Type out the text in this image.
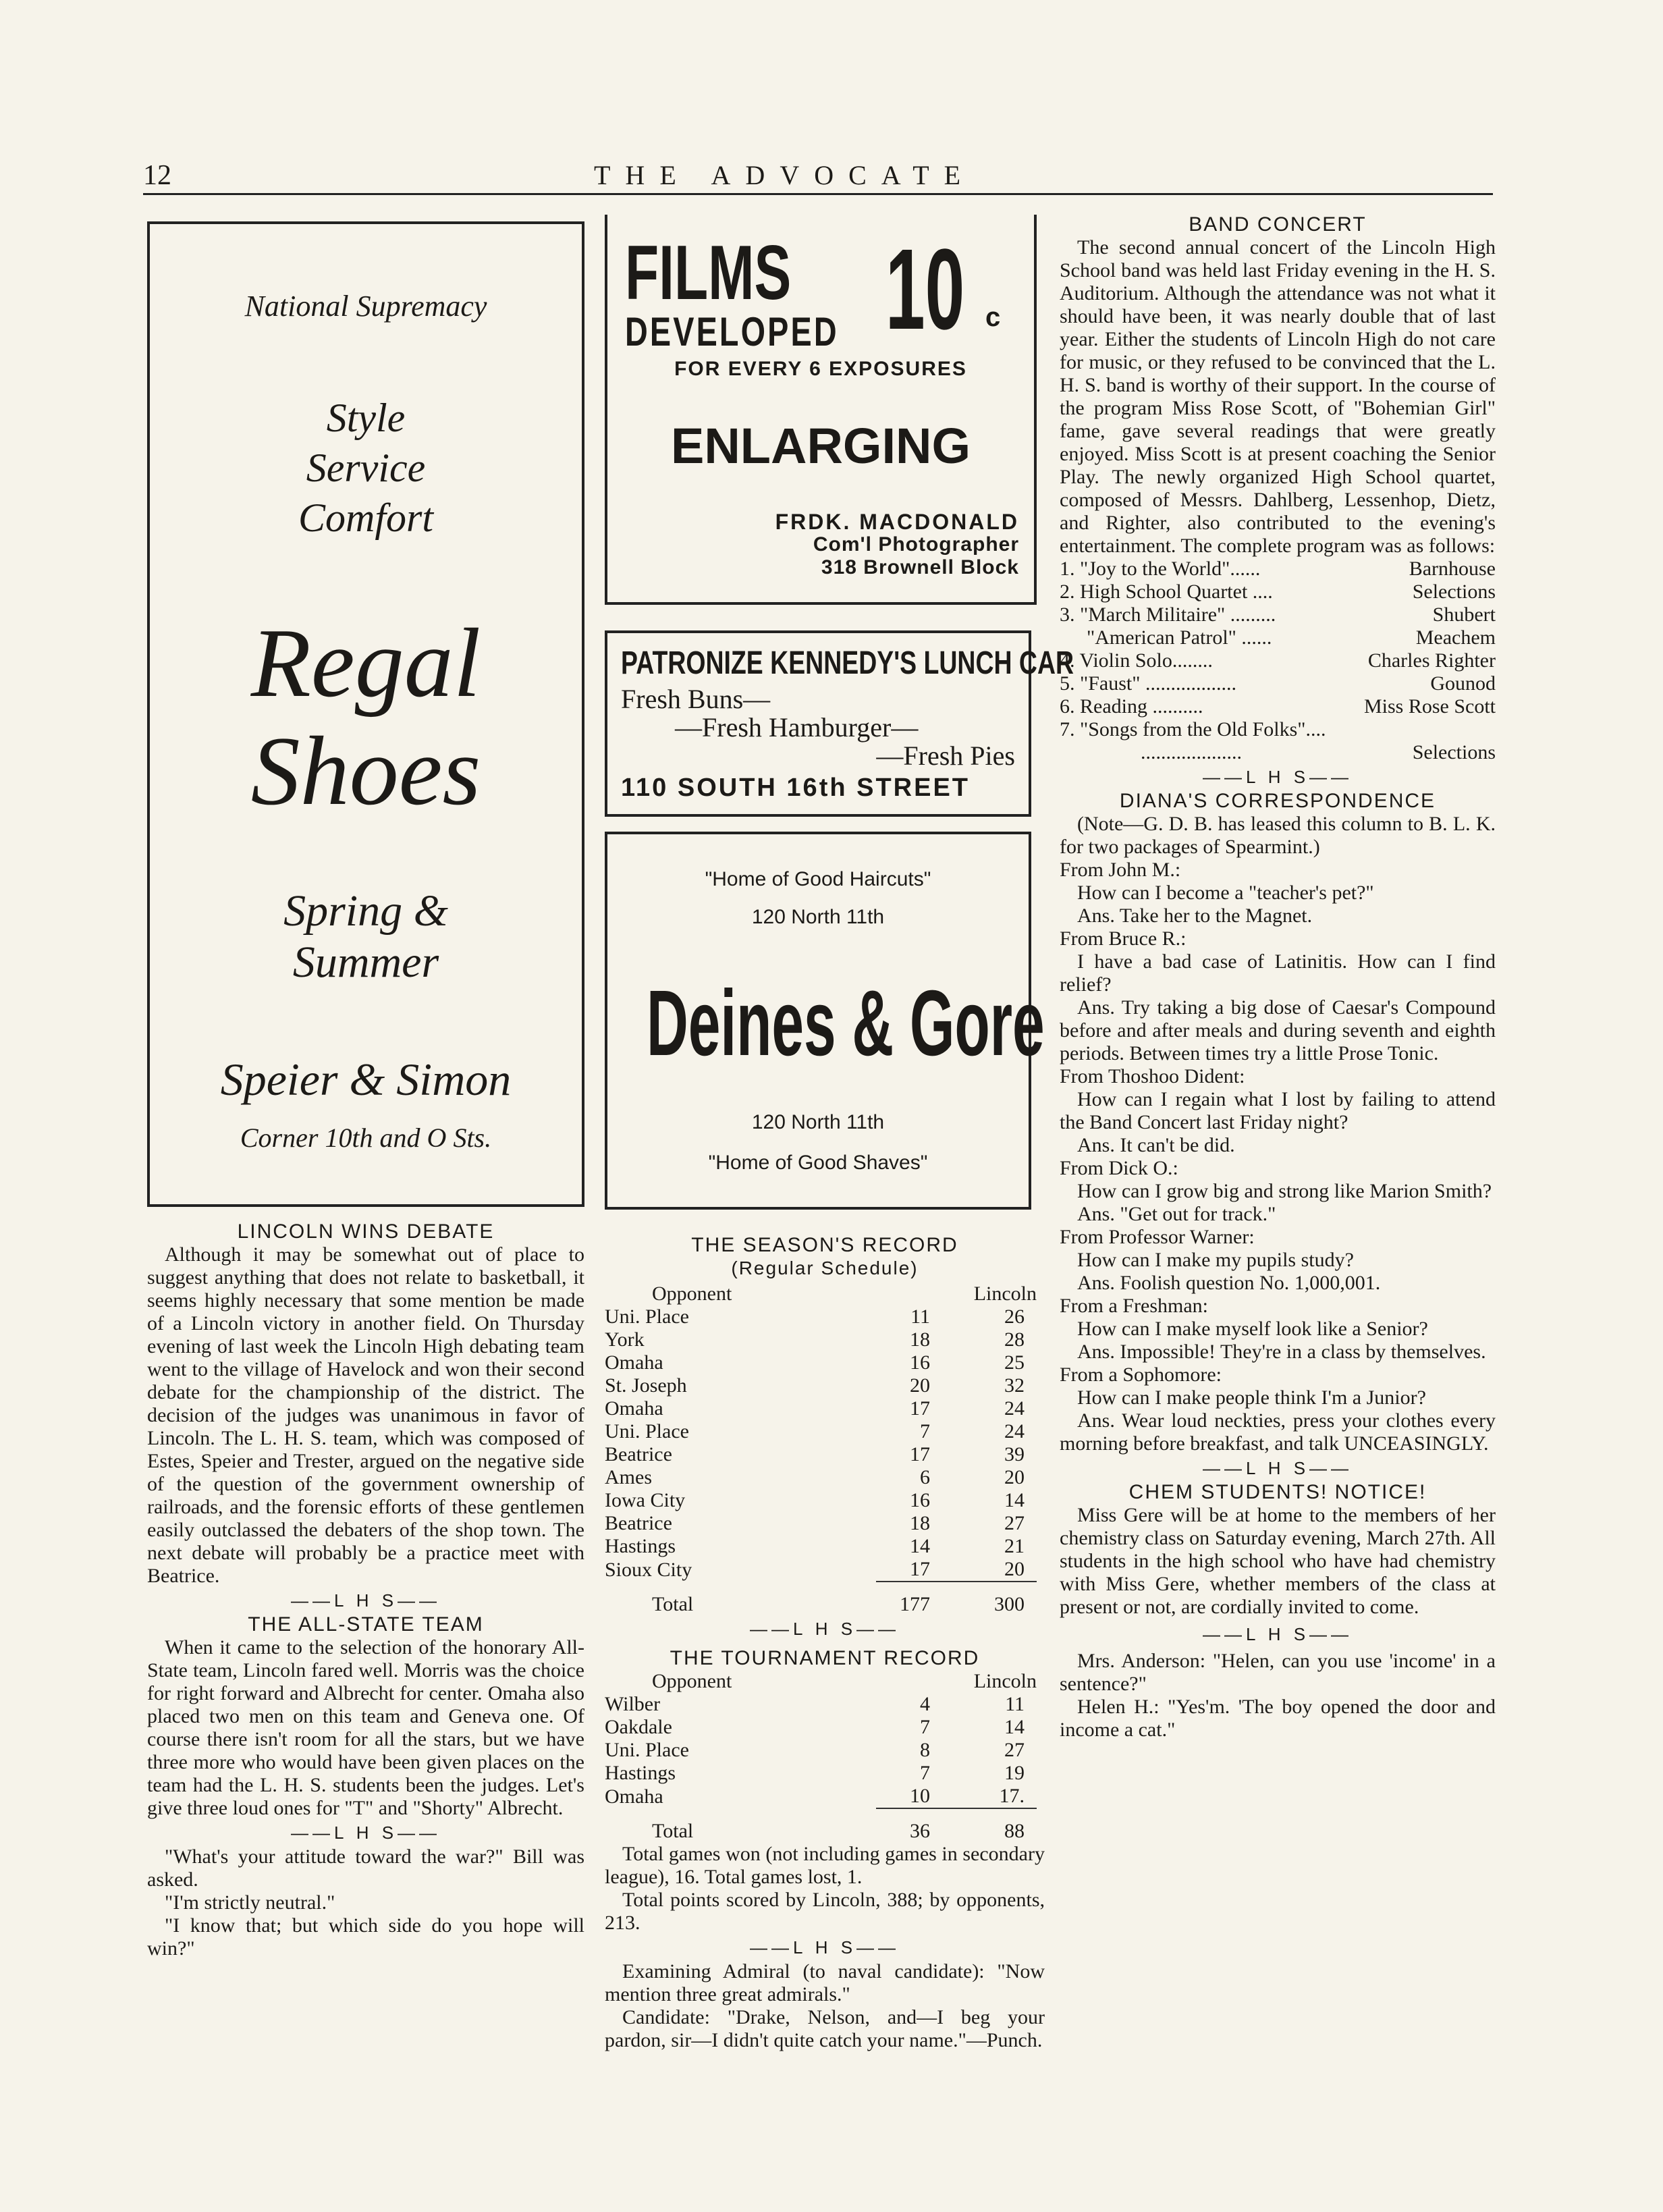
12	THE ADVOCATE
National Supremacy
Style
Service
Comfort
Regal
Shoes
Spring &
Summer
Speier & Simon
Corner 10th and O Sts.
FILMS
DEVELOPED 10 c
FOR EVERY 6 EXPOSURES
ENLARGING
FRDK. MACDONALD
Com'l Photographer
318 Brownell Block
PATRONIZE KENNEDY'S LUNCH CAR
Fresh Buns—
—Fresh Hamburger—
—Fresh Pies
110 SOUTH 16th STREET
"Home of Good Haircuts"
120 North 11th
Deines & Gore
120 North 11th
"Home of Good Shaves"
LINCOLN WINS DEBATE

Although it may be somewhat out of place to suggest anything that does not relate to basketball, it seems highly necessary that some mention be made of a Lincoln victory in another field. On Thursday evening of last week the Lincoln High debating team went to the village of Havelock and won their second debate for the championship of the district. The decision of the judges was unanimous in favor of Lincoln. The L. H. S. team, which was composed of Estes, Speier and Trester, argued on the negative side of the question of the government ownership of railroads, and the forensic efforts of these gentlemen easily outclassed the debaters of the shop town. The next debate will probably be a practice meet with Beatrice.

——L H S——
THE ALL-STATE TEAM

When it came to the selection of the honorary All-State team, Lincoln fared well. Morris was the choice for right forward and Albrecht for center. Omaha also placed two men on this team and Geneva one. Of course there isn't room for all the stars, but we have three more who would have been given places on the team had the L. H. S. students been the judges. Let's give three loud ones for "T" and "Shorty" Albrecht.

——L H S——

"What's your attitude toward the war?" Bill was asked.

"I'm strictly neutral."

"I know that; but which side do you hope will win?"

THE SEASON'S RECORD
(Regular Schedule)
Opponent		Lincoln
Uni. Place	11	26
York	18	28
Omaha	16	25
St. Joseph	20	32
Omaha	17	24
Uni. Place	7	24
Beatrice	17	39
Ames	6	20
Iowa City	16	14
Beatrice	18	27
Hastings	14	21
Sioux City	17	20
Total	177	300
——L H S——
THE TOURNAMENT RECORD
Opponent		Lincoln
Wilber	4	11
Oakdale	7	14
Uni. Place	8	27
Hastings	7	19
Omaha	10	17.
Total	36	88

Total games won (not including games in secondary league), 16. Total games lost, 1.

Total points scored by Lincoln, 388; by opponents, 213.

——L H S——

Examining Admiral (to naval candidate): "Now mention three great admirals."

Candidate: "Drake, Nelson, and—I beg your pardon, sir—I didn't quite catch your name."—Punch.

BAND CONCERT

The second annual concert of the Lincoln High School band was held last Friday evening in the H. S. Auditorium. Although the attendance was not what it should have been, it was nearly double that of last year. Either the students of Lincoln High do not care for music, or they refused to be convinced that the L. H. S. band is worthy of their support. In the course of the program Miss Rose Scott, of "Bohemian Girl" fame, gave several readings that were greatly enjoyed. Miss Scott is at present coaching the Senior Play. The newly organized High School quartet, composed of Messrs. Dahlberg, Lessenhop, Dietz, and Righter, also contributed to the evening's entertainment. The complete program was as follows:

1. "Joy to the World"......	Barnhouse
2. High School Quartet ....	Selections
3. "March Militaire" .........	Shubert
"American Patrol" ......	Meachem
4. Violin Solo........	Charles Righter
5. "Faust" ..................	Gounod
6. Reading ..........	Miss Rose Scott
7. "Songs from the Old Folks"....
....................	Selections
——L H S——
DIANA'S CORRESPONDENCE

(Note—G. D. B. has leased this column to B. L. K. for two packages of Spearmint.)

From John M.:

How can I become a "teacher's pet?"

Ans. Take her to the Magnet.

From Bruce R.:

I have a bad case of Latinitis. How can I find relief?

Ans. Try taking a big dose of Caesar's Compound before and after meals and during seventh and eighth periods. Between times try a little Prose Tonic.

From Thoshoo Dident:

How can I regain what I lost by failing to attend the Band Concert last Friday night?

Ans. It can't be did.

From Dick O.:

How can I grow big and strong like Marion Smith?

Ans. "Get out for track."

From Professor Warner:

How can I make my pupils study?

Ans. Foolish question No. 1,000,001.

From a Freshman:

How can I make myself look like a Senior?

Ans. Impossible! They're in a class by themselves.

From a Sophomore:

How can I make people think I'm a Junior?

Ans. Wear loud neckties, press your clothes every morning before breakfast, and talk UNCEASINGLY.

——L H S——
CHEM STUDENTS! NOTICE!

Miss Gere will be at home to the members of her chemistry class on Saturday evening, March 27th. All students in the high school who have had chemistry with Miss Gere, whether members of the class at present or not, are cordially invited to come.

——L H S——

Mrs. Anderson: "Helen, can you use 'income' in a sentence?"

Helen H.: "Yes'm. 'The boy opened the door and income a cat."
